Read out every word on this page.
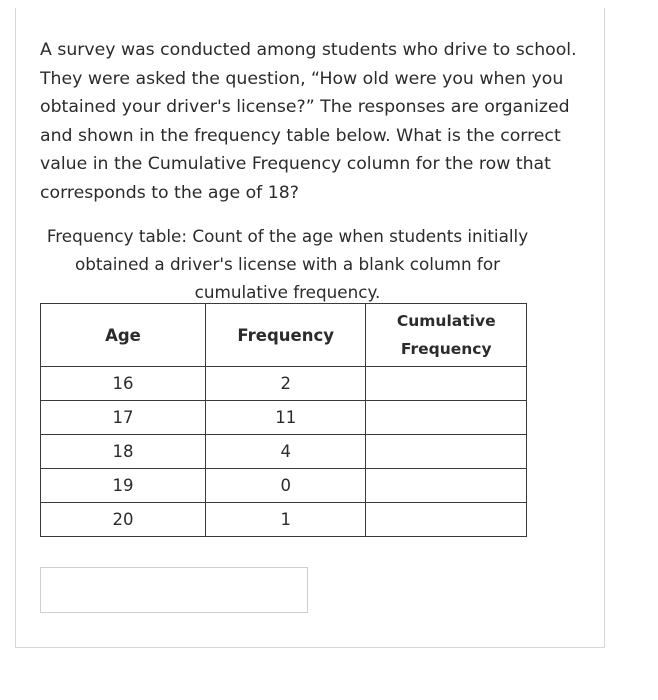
A survey was conducted among students who drive to school. They were asked the question, “How old were you when you obtained your driver's license?” The responses are organized and shown in the frequency table below. What is the correct value in the Cumulative Frequency column for the row that corresponds to the age of 18?

Frequency table: Count of the age when students initially obtained a driver's license with a blank column for cumulative frequency.

Age	Frequency	Cumulative
Frequency
16	2	
17	11	
18	4	
19	0	
20	1	
